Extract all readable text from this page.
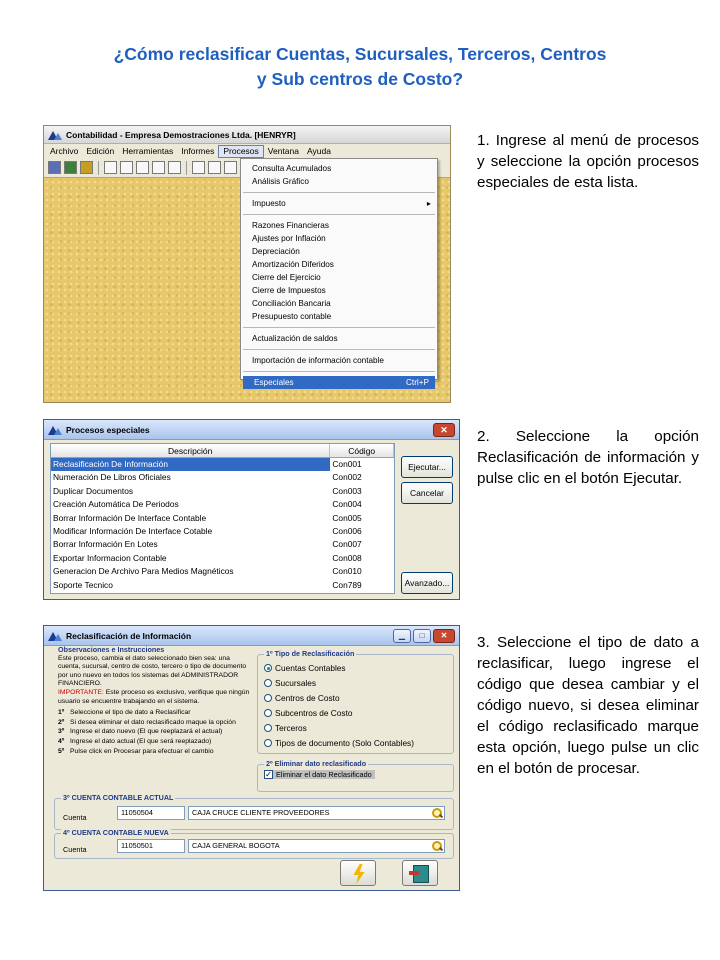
¿Cómo reclasificar Cuentas, Sucursales, Terceros, Centros
y Sub centros de Costo?
Contabilidad - Empresa Demostraciones Ltda. [HENRYR]
Archivo Edición Herramientas Informes	Procesos	Ventana Ayuda
Consulta Acumulados
Análisis Gráfico
Impuesto	▸
Razones Financieras
Ajustes por Inflación
Depreciación
Amortización Diferidos
Cierre del Ejercicio
Cierre de Impuestos
Conciliación Bancaria
Presupuesto contable
Actualización de saldos
Importación de información contable
Especiales	Ctrl+P
1. Ingrese al menú de procesos y seleccione la opción procesos especiales de esta lista.
Procesos especiales	✕
Descripción	Código
Reclasificación De Información	Con001
Numeración De Libros Oficiales	Con002
Duplicar Documentos	Con003
Creación Automática De Periodos	Con004
Borrar Información De Interface Contable	Con005
Modificar Información De Interface Cotable	Con006
Borrar Información En Lotes	Con007
Exportar Informacion Contable	Con008
Generacion De Archivo Para Medios Magnéticos	Con010
Soporte Tecnico	Con789
Ejecutar...
Cancelar
Avanzado...
2. Seleccione la opción Reclasificación de información y pulse clic en el botón Ejecutar.
Reclasificación de Información	▁	□	✕
Observaciones e Instrucciones

Este proceso, cambia el dato seleccionado bien sea: una cuenta, sucursal, centro de costo, tercero o tipo de documento por uno nuevo en todos los sistemas del ADMINISTRADOR FINANCIERO.

IMPORTANTE: Este proceso es exclusivo, verifique que ningún usuario se encuentre trabajando en el sistema.

1º Seleccione el tipo de dato a Reclasificar
2º Si desea eliminar el dato reclasificado maque la opción
3º Ingrese el dato nuevo (El que reeplazará el actual)
4º Ingrese el dato actual (El que será reeplazado)
5º Pulse click en Procesar para efectuar el cambio
1º Tipo de Reclasificación
Cuentas Contables
Sucursales
Centros de Costo
Subcentros de Costo
Terceros
Tipos de documento (Solo Contables)
2º Eliminar dato reclasificado
✓ Eliminar el dato Reclasificado
3º CUENTA CONTABLE ACTUAL
Cuenta
11050504	CAJA CRUCE CLIENTE PROVEEDORES
4º CUENTA CONTABLE NUEVA
Cuenta	11050501	CAJA GENERAL BOGOTA
3. Seleccione el tipo de dato a reclasificar, luego ingrese el código que desea cambiar y el código nuevo, si desea eliminar el código reclasificado marque esta opción, luego pulse un clic en el botón de procesar.
